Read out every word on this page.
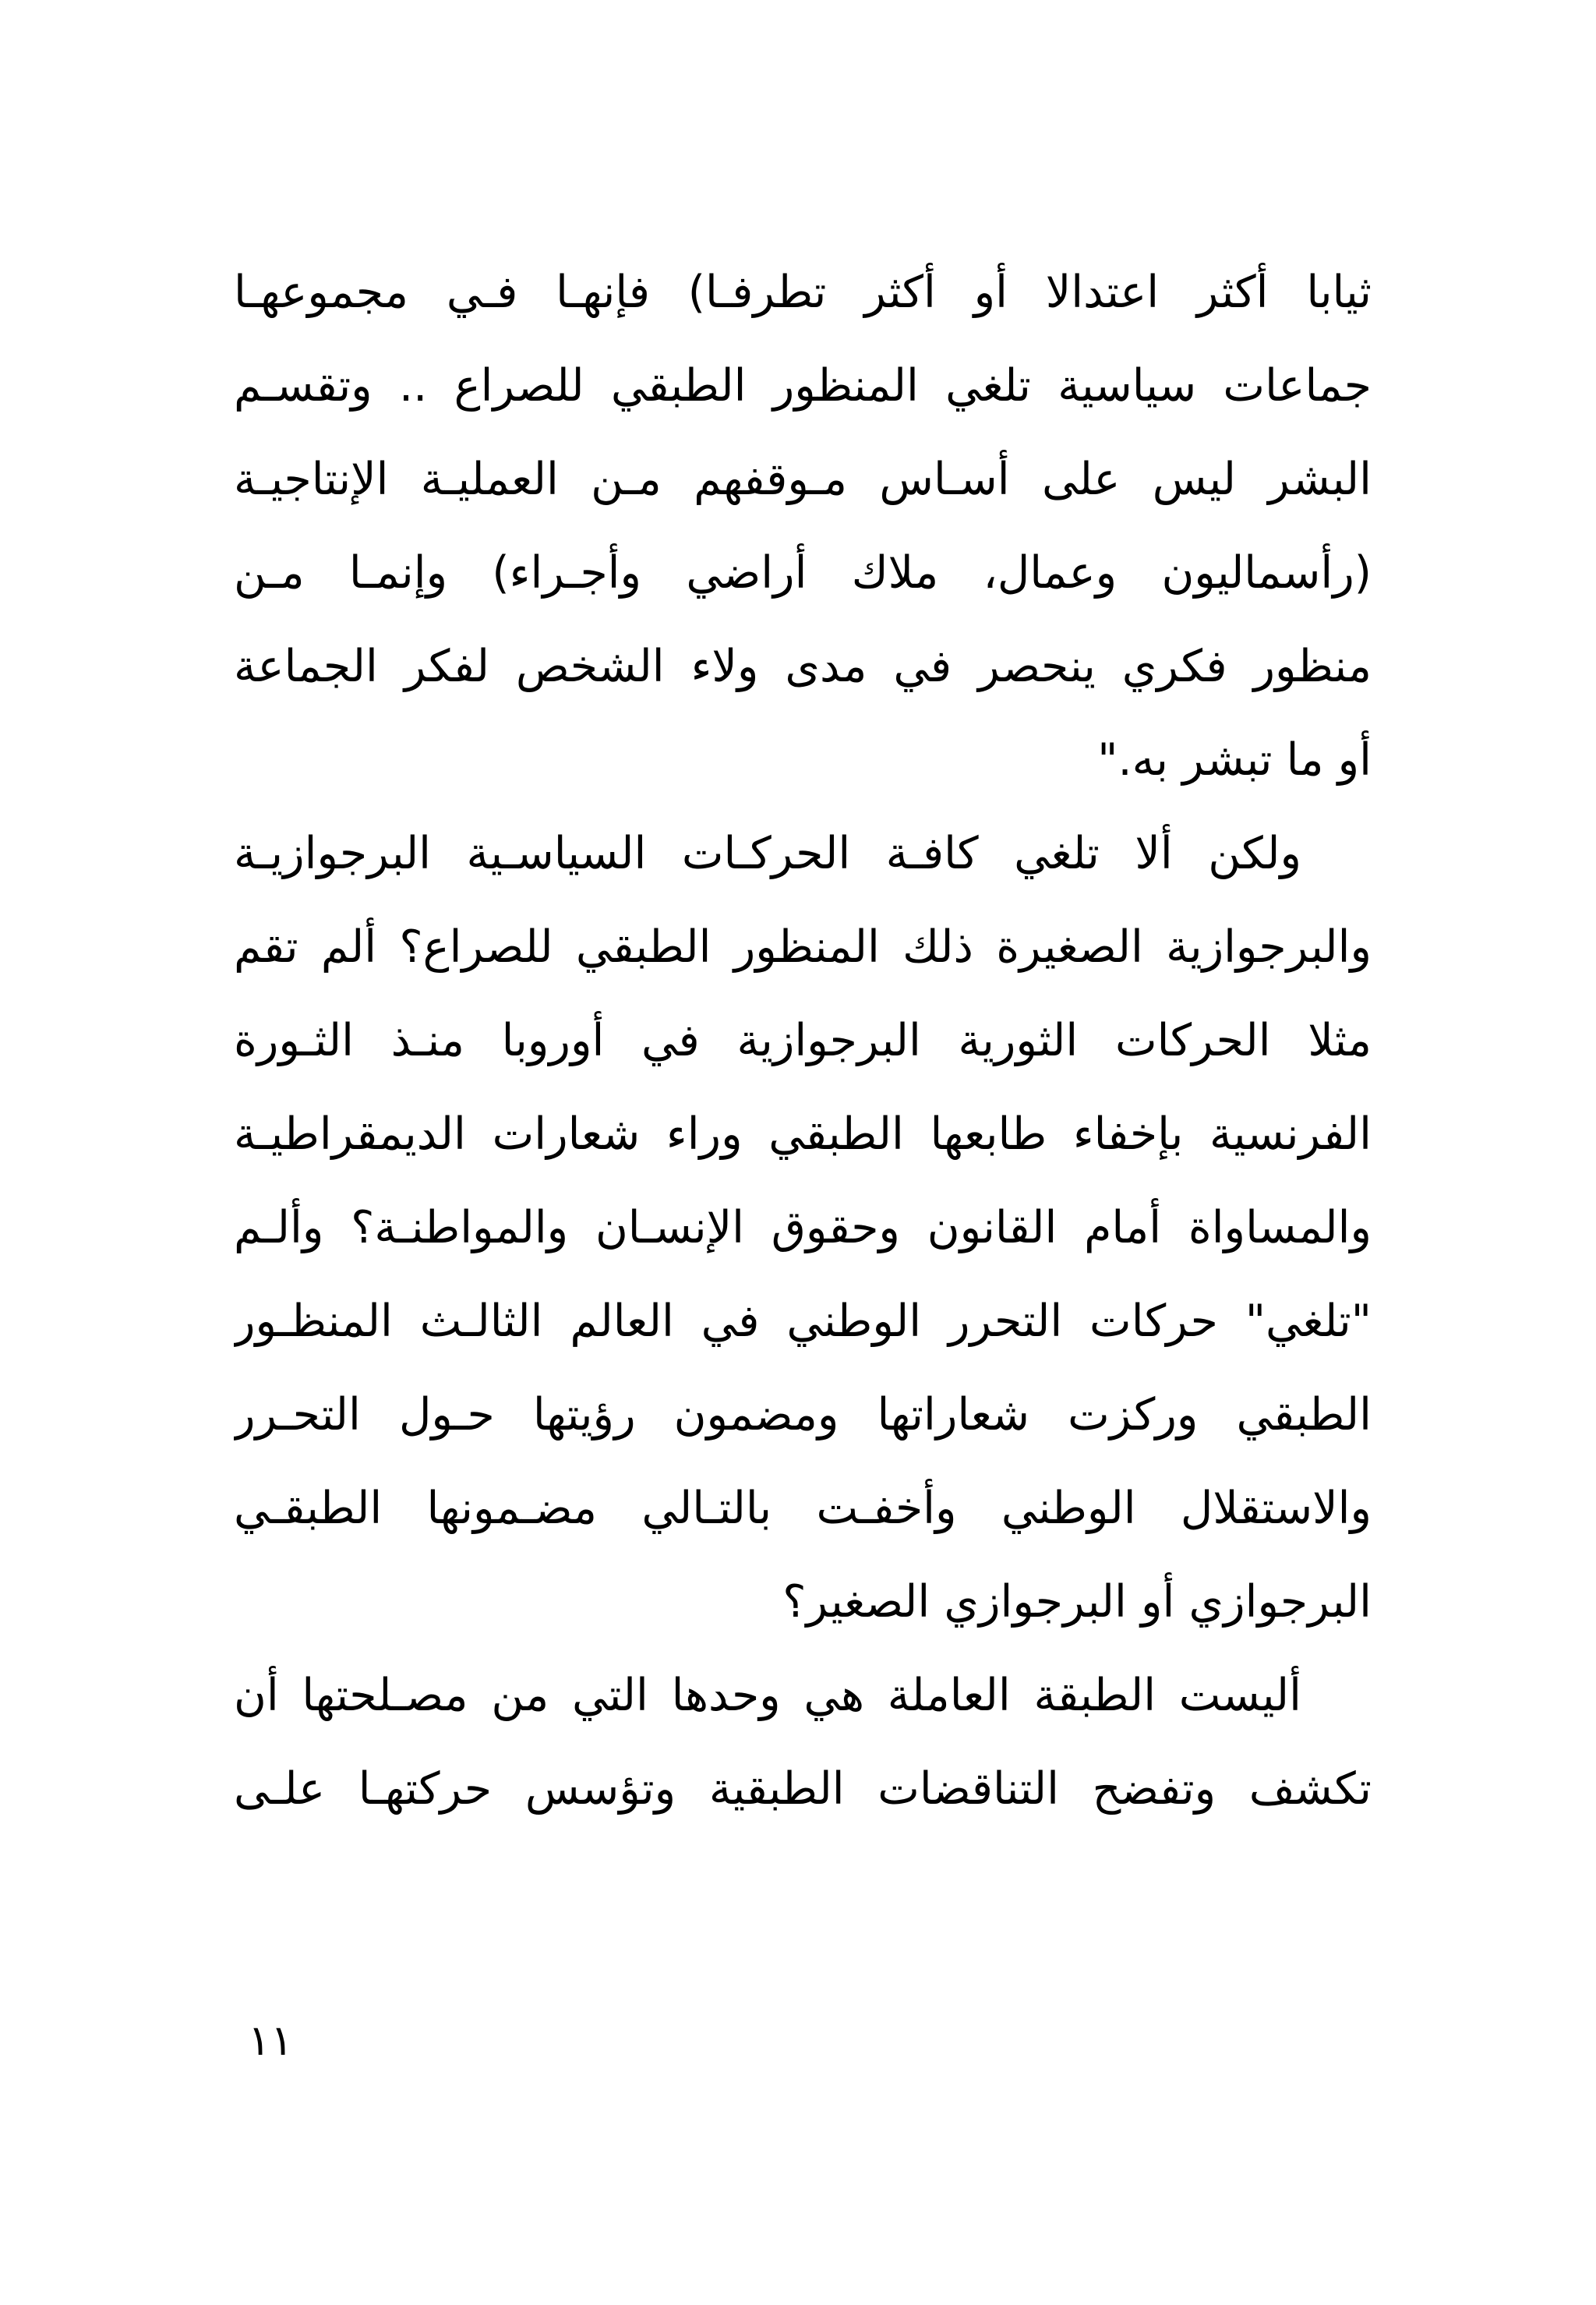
ثيابا أكثر اعتدالا أو أكثر تطرفـا) فإنهـا فـي مجموعهـا
جماعات سياسية تلغي المنظور الطبقي للصراع .. وتقسـم
البشر ليس على أسـاس مـوقفهم مـن العمليـة الإنتاجيـة
(رأسماليون وعمال، ملاك أراضي وأجـراء) وإنمـا مـن
منظور فكري ينحصر في مدى ولاء الشخص لفكر الجماعة
أو ما تبشر به."
ولكن ألا تلغي كافـة الحركـات السياسـية البرجوازيـة
والبرجوازية الصغيرة ذلك المنظور الطبقي للصراع؟ ألم تقم
مثلا الحركات الثورية البرجوازية في أوروبا منـذ الثـورة
الفرنسية بإخفاء طابعها الطبقي وراء شعارات الديمقراطيـة
والمساواة أمام القانون وحقوق الإنسـان والمواطنـة؟ وألـم
"تلغي" حركات التحرر الوطني في العالم الثالـث المنظـور
الطبقي وركزت شعاراتها ومضمون رؤيتها حـول التحـرر
والاستقلال الوطني وأخفـت بالتـالي مضـمونها الطبقـي
البرجوازي أو البرجوازي الصغير؟
أليست الطبقة العاملة هي وحدها التي من مصـلحتها أن
تكشف وتفضح التناقضات الطبقية وتؤسس حركتهـا علـى
١١
